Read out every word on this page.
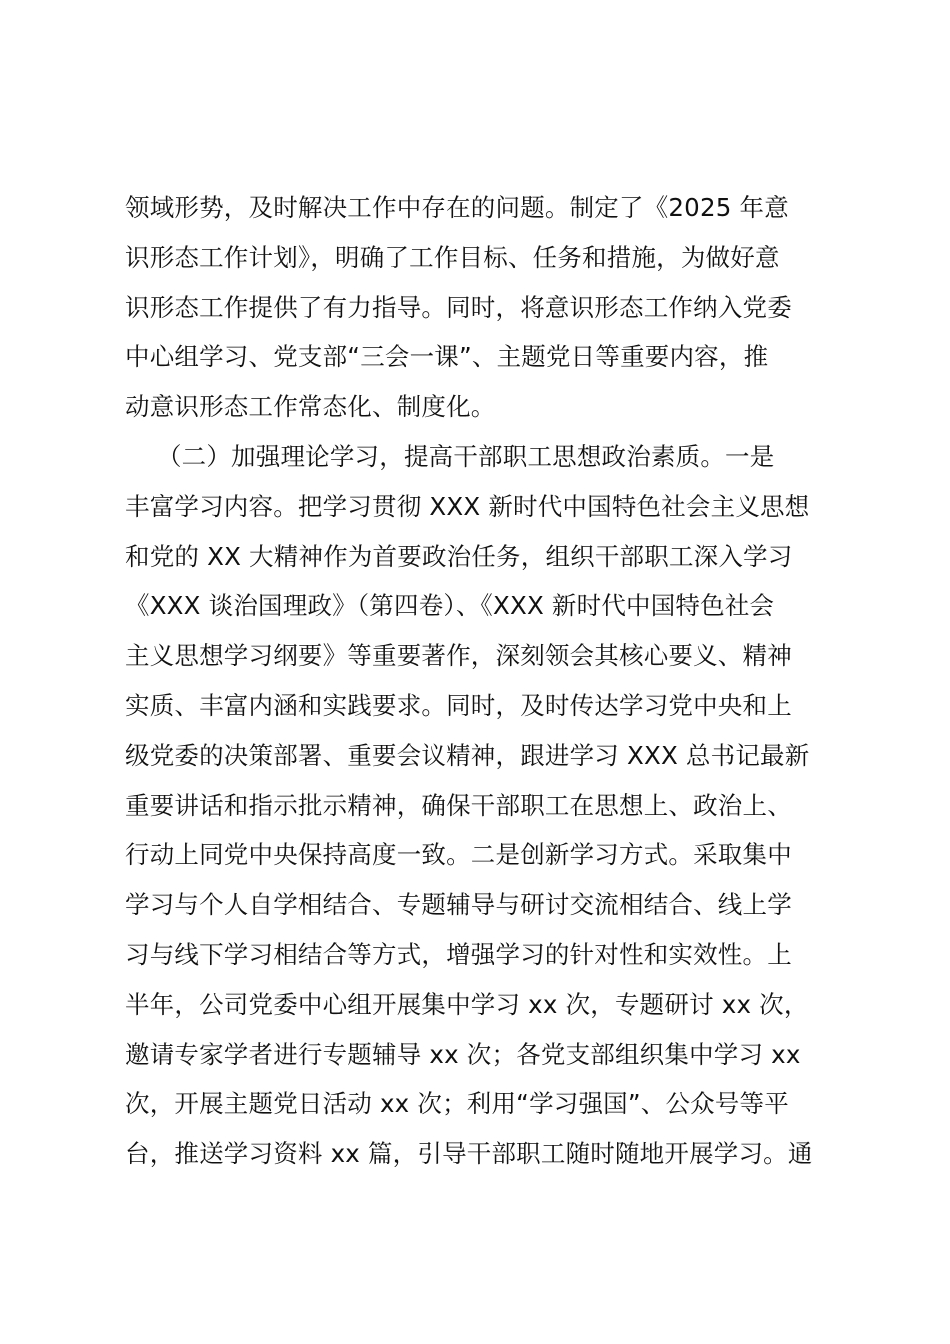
领域形势，及时解决工作中存在的问题。制定了《2025 年意
识形态工作计划》，明确了工作目标、任务和措施，为做好意
识形态工作提供了有力指导。同时，将意识形态工作纳入党委
中心组学习、党支部“三会一课”、主题党日等重要内容，推
动意识形态工作常态化、制度化。
（二）加强理论学习，提高干部职工思想政治素质。一是
丰富学习内容。把学习贯彻 XXX 新时代中国特色社会主义思想
和党的 XX 大精神作为首要政治任务，组织干部职工深入学习
《XXX 谈治国理政》（第四卷）、《XXX 新时代中国特色社会
主义思想学习纲要》等重要著作，深刻领会其核心要义、精神
实质、丰富内涵和实践要求。同时，及时传达学习党中央和上
级党委的决策部署、重要会议精神，跟进学习 XXX 总书记最新
重要讲话和指示批示精神，确保干部职工在思想上、政治上、
行动上同党中央保持高度一致。二是创新学习方式。采取集中
学习与个人自学相结合、专题辅导与研讨交流相结合、线上学
习与线下学习相结合等方式，增强学习的针对性和实效性。上
半年，公司党委中心组开展集中学习 xx 次，专题研讨 xx 次，
邀请专家学者进行专题辅导 xx 次；各党支部组织集中学习 xx
次，开展主题党日活动 xx 次；利用“学习强国”、公众号等平
台，推送学习资料 xx 篇，引导干部职工随时随地开展学习。通
